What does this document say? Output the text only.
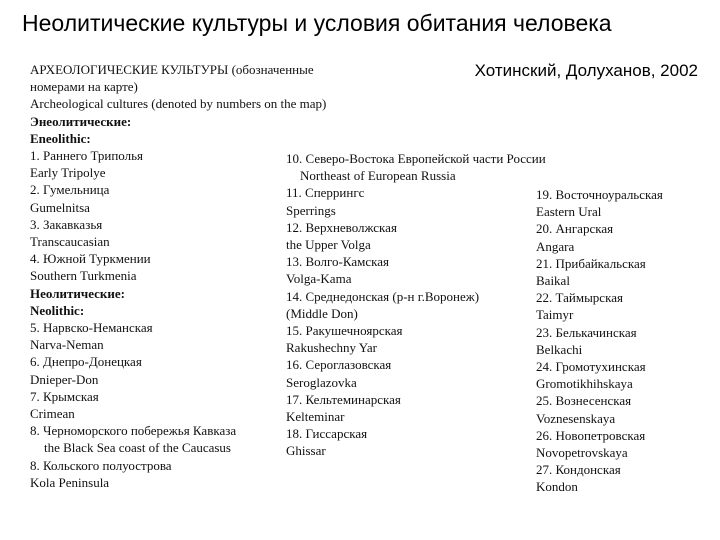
Неолитические культуры и условия обитания человека
Хотинский, Долуханов, 2002
АРХЕОЛОГИЧЕСКИЕ КУЛЬТУРЫ (обозначенные
номерами на карте)
Archeological cultures (denoted by numbers on the map)
Энеолитические:
Eneolithic:
1. Раннего Триполья
Early Tripolye
2. Гумельница
Gumelnitsa
3. Закавказья
Transcaucasian
4. Южной Туркмении
Southern Turkmenia
Неолитические:
Neolithic:
5. Нарвско-Неманская
Narva-Neman
6. Днепро-Донецкая
Dnieper-Don
7. Крымская
Crimean
8. Черноморского побережья Кавказа
the Black Sea coast of the Caucasus
8. Кольского полуострова
Kola Peninsula
10. Северо-Востока Европейской части России
Northeast of European Russia
11. Сперрингс
Sperrings
12. Верхневолжская
the Upper Volga
13. Волго-Камская
Volga-Kama
14. Среднедонская (р-н г.Воронеж)
(Middle Don)
15. Ракушечноярская
Rakushechny Yar
16. Сероглазовская
Seroglazovka
17. Кельтеминарская
Kelteminar
18. Гиссарская
Ghissar
19. Восточноуральская
Eastern Ural
20. Ангарская
Angara
21. Прибайкальская
Baikal
22. Таймырская
Taimyr
23. Белькачинская
Belkachi
24. Громотухинская
Gromotikhihskaya
25. Вознесенская
Voznesenskaya
26. Новопетровская
Novopetrovskaya
27. Кондонская
Kondon
